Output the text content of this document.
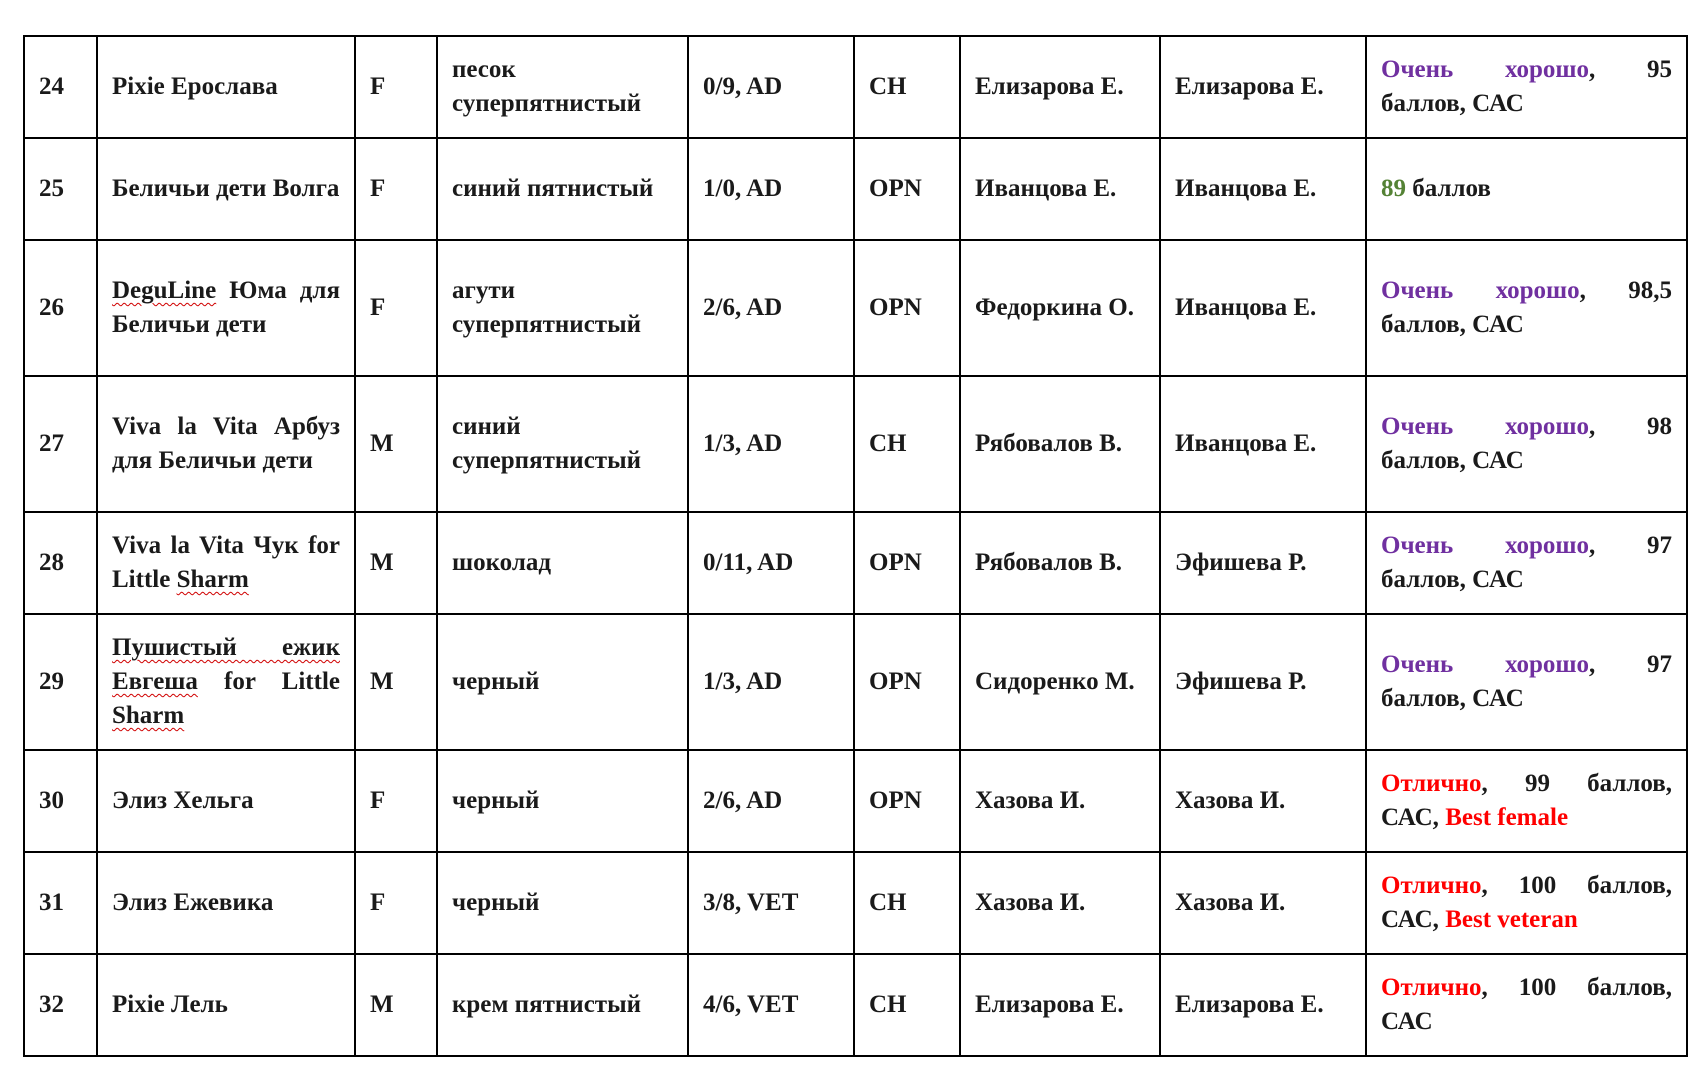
24	Pixie Ерослава	F	песок суперпятнистый	0/9, AD	CH	Елизарова Е.	Елизарова Е.	Очень хорошо, 95 баллов, САС
25	Беличьи дети Волга	F	синий пятнистый	1/0, AD	OPN	Иванцова Е.	Иванцова Е.	89 баллов
26	DeguLine Юма для Беличьи дети	F	агути суперпятнистый	2/6, AD	OPN	Федоркина О.	Иванцова Е.	Очень хорошо, 98,5 баллов, САС
27	Viva la Vita Арбуз для Беличьи дети	M	синий суперпятнистый	1/3, AD	CH	Рябовалов В.	Иванцова Е.	Очень хорошо, 98 баллов, САС
28	Viva la Vita Чук for Little Sharm	M	шоколад	0/11, AD	OPN	Рябовалов В.	Эфишева Р.	Очень хорошо, 97 баллов, САС
29	Пушистый ежик Евгеша for Little Sharm	M	черный	1/3, AD	OPN	Сидоренко М.	Эфишева Р.	Очень хорошо, 97 баллов, САС
30	Элиз Хельга	F	черный	2/6, AD	OPN	Хазова И.	Хазова И.	Отлично, 99 баллов, САС, Best female
31	Элиз Ежевика	F	черный	3/8, VET	CH	Хазова И.	Хазова И.	Отлично, 100 баллов, САС, Best veteran
32	Pixie Лель	M	крем пятнистый	4/6, VET	CH	Елизарова Е.	Елизарова Е.	Отлично, 100 баллов, САС
